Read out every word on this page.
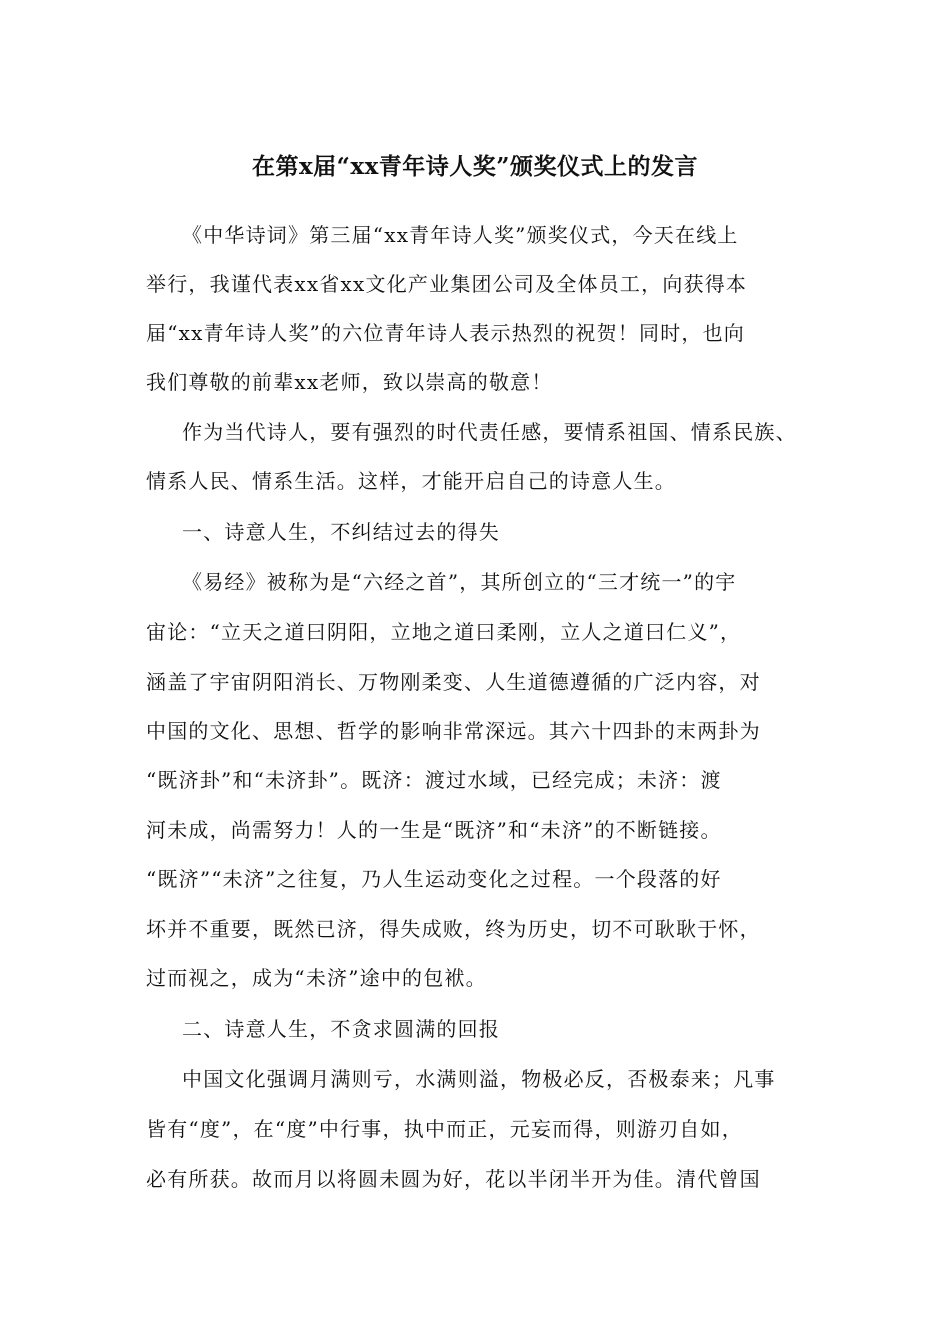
在第x届“xx青年诗人奖”颁奖仪式上的发言
《中华诗词》第三届“xx青年诗人奖”颁奖仪式，今天在线上
举行，我谨代表xx省xx文化产业集团公司及全体员工，向获得本
届“xx青年诗人奖”的六位青年诗人表示热烈的祝贺！同时，也向
我们尊敬的前辈xx老师，致以崇高的敬意！
作为当代诗人，要有强烈的时代责任感，要情系祖国、情系民族、
情系人民、情系生活。这样，才能开启自己的诗意人生。
一、诗意人生，不纠结过去的得失
《易经》被称为是“六经之首”，其所创立的“三才统一”的宇
宙论：“立天之道曰阴阳，立地之道曰柔刚，立人之道曰仁义”，
涵盖了宇宙阴阳消长、万物刚柔变、人生道德遵循的广泛内容，对
中国的文化、思想、哲学的影响非常深远。其六十四卦的末两卦为
“既济卦”和“未济卦”。既济：渡过水域，已经完成；未济：渡
河未成，尚需努力！人的一生是“既济”和“未济”的不断链接。
“既济”“未济”之往复，乃人生运动变化之过程。一个段落的好
坏并不重要，既然已济，得失成败，终为历史，切不可耿耿于怀，
过而视之，成为“未济”途中的包袱。
二、诗意人生，不贪求圆满的回报
中国文化强调月满则亏，水满则溢，物极必反，否极泰来；凡事
皆有“度”，在“度”中行事，执中而正，元妄而得，则游刃自如，
必有所获。故而月以将圆未圆为好，花以半闭半开为佳。清代曾国
